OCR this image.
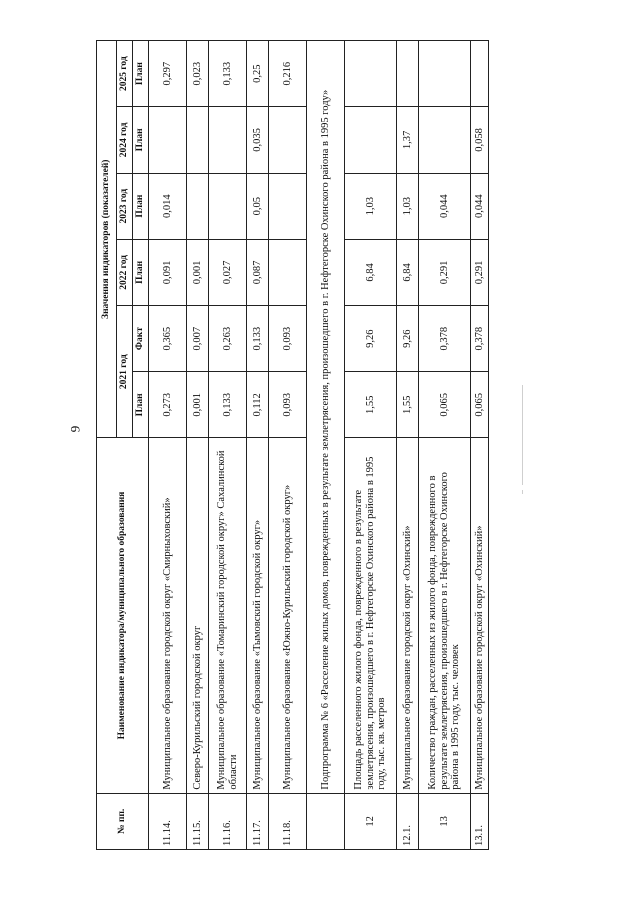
9
№ пп.	Наименование индикатора/муниципального образования	Значения индикаторов (показателей)					
		2021 год		2022 год	2023 год	2024 год	2025 год
		План	Факт	План	План	План	План
11.14.	Муниципальное образование городской округ «Смирныховский»	0,273	0,365	0,091	0,014		0,297
11.15.	Северо-Курильский городской округ	0,001	0,007	0,001			0,023
11.16.	Муниципальное образование «Томаринский городской округ» Сахалинской области	0,133	0,263	0,027			0,133
11.17.	Муниципальное образование «Тымовский городской округ»	0,112	0,133	0,087	0,05	0,035	0,25
11.18.	Муниципальное образование «Южно-Курильский городской округ»	0,093	0,093				0,216
	Подпрограмма № 6 «Расселение жилых домов, поврежденных в результате землетрясения, произошедшего в г. Нефтегорске Охинского района в 1995 году»						
12	Площадь расселенного жилого фонда, поврежденного в результате землетрясения, произошедшего в г. Нефтегорске Охинского района в 1995 году, тыс. кв. метров	1,55	9,26	6,84	1,03		
12.1.	Муниципальное образование городской округ «Охинский»	1,55	9,26	6,84	1,03	1,37	
13	Количество граждан, расселенных из жилого фонда, поврежденного в результате землетрясения, произошедшего в г. Нефтегорске Охинского района в 1995 году, тыс. человек	0,065	0,378	0,291	0,044		
13.1.	Муниципальное образование городской округ «Охинский»	0,065	0,378	0,291	0,044	0,058	
